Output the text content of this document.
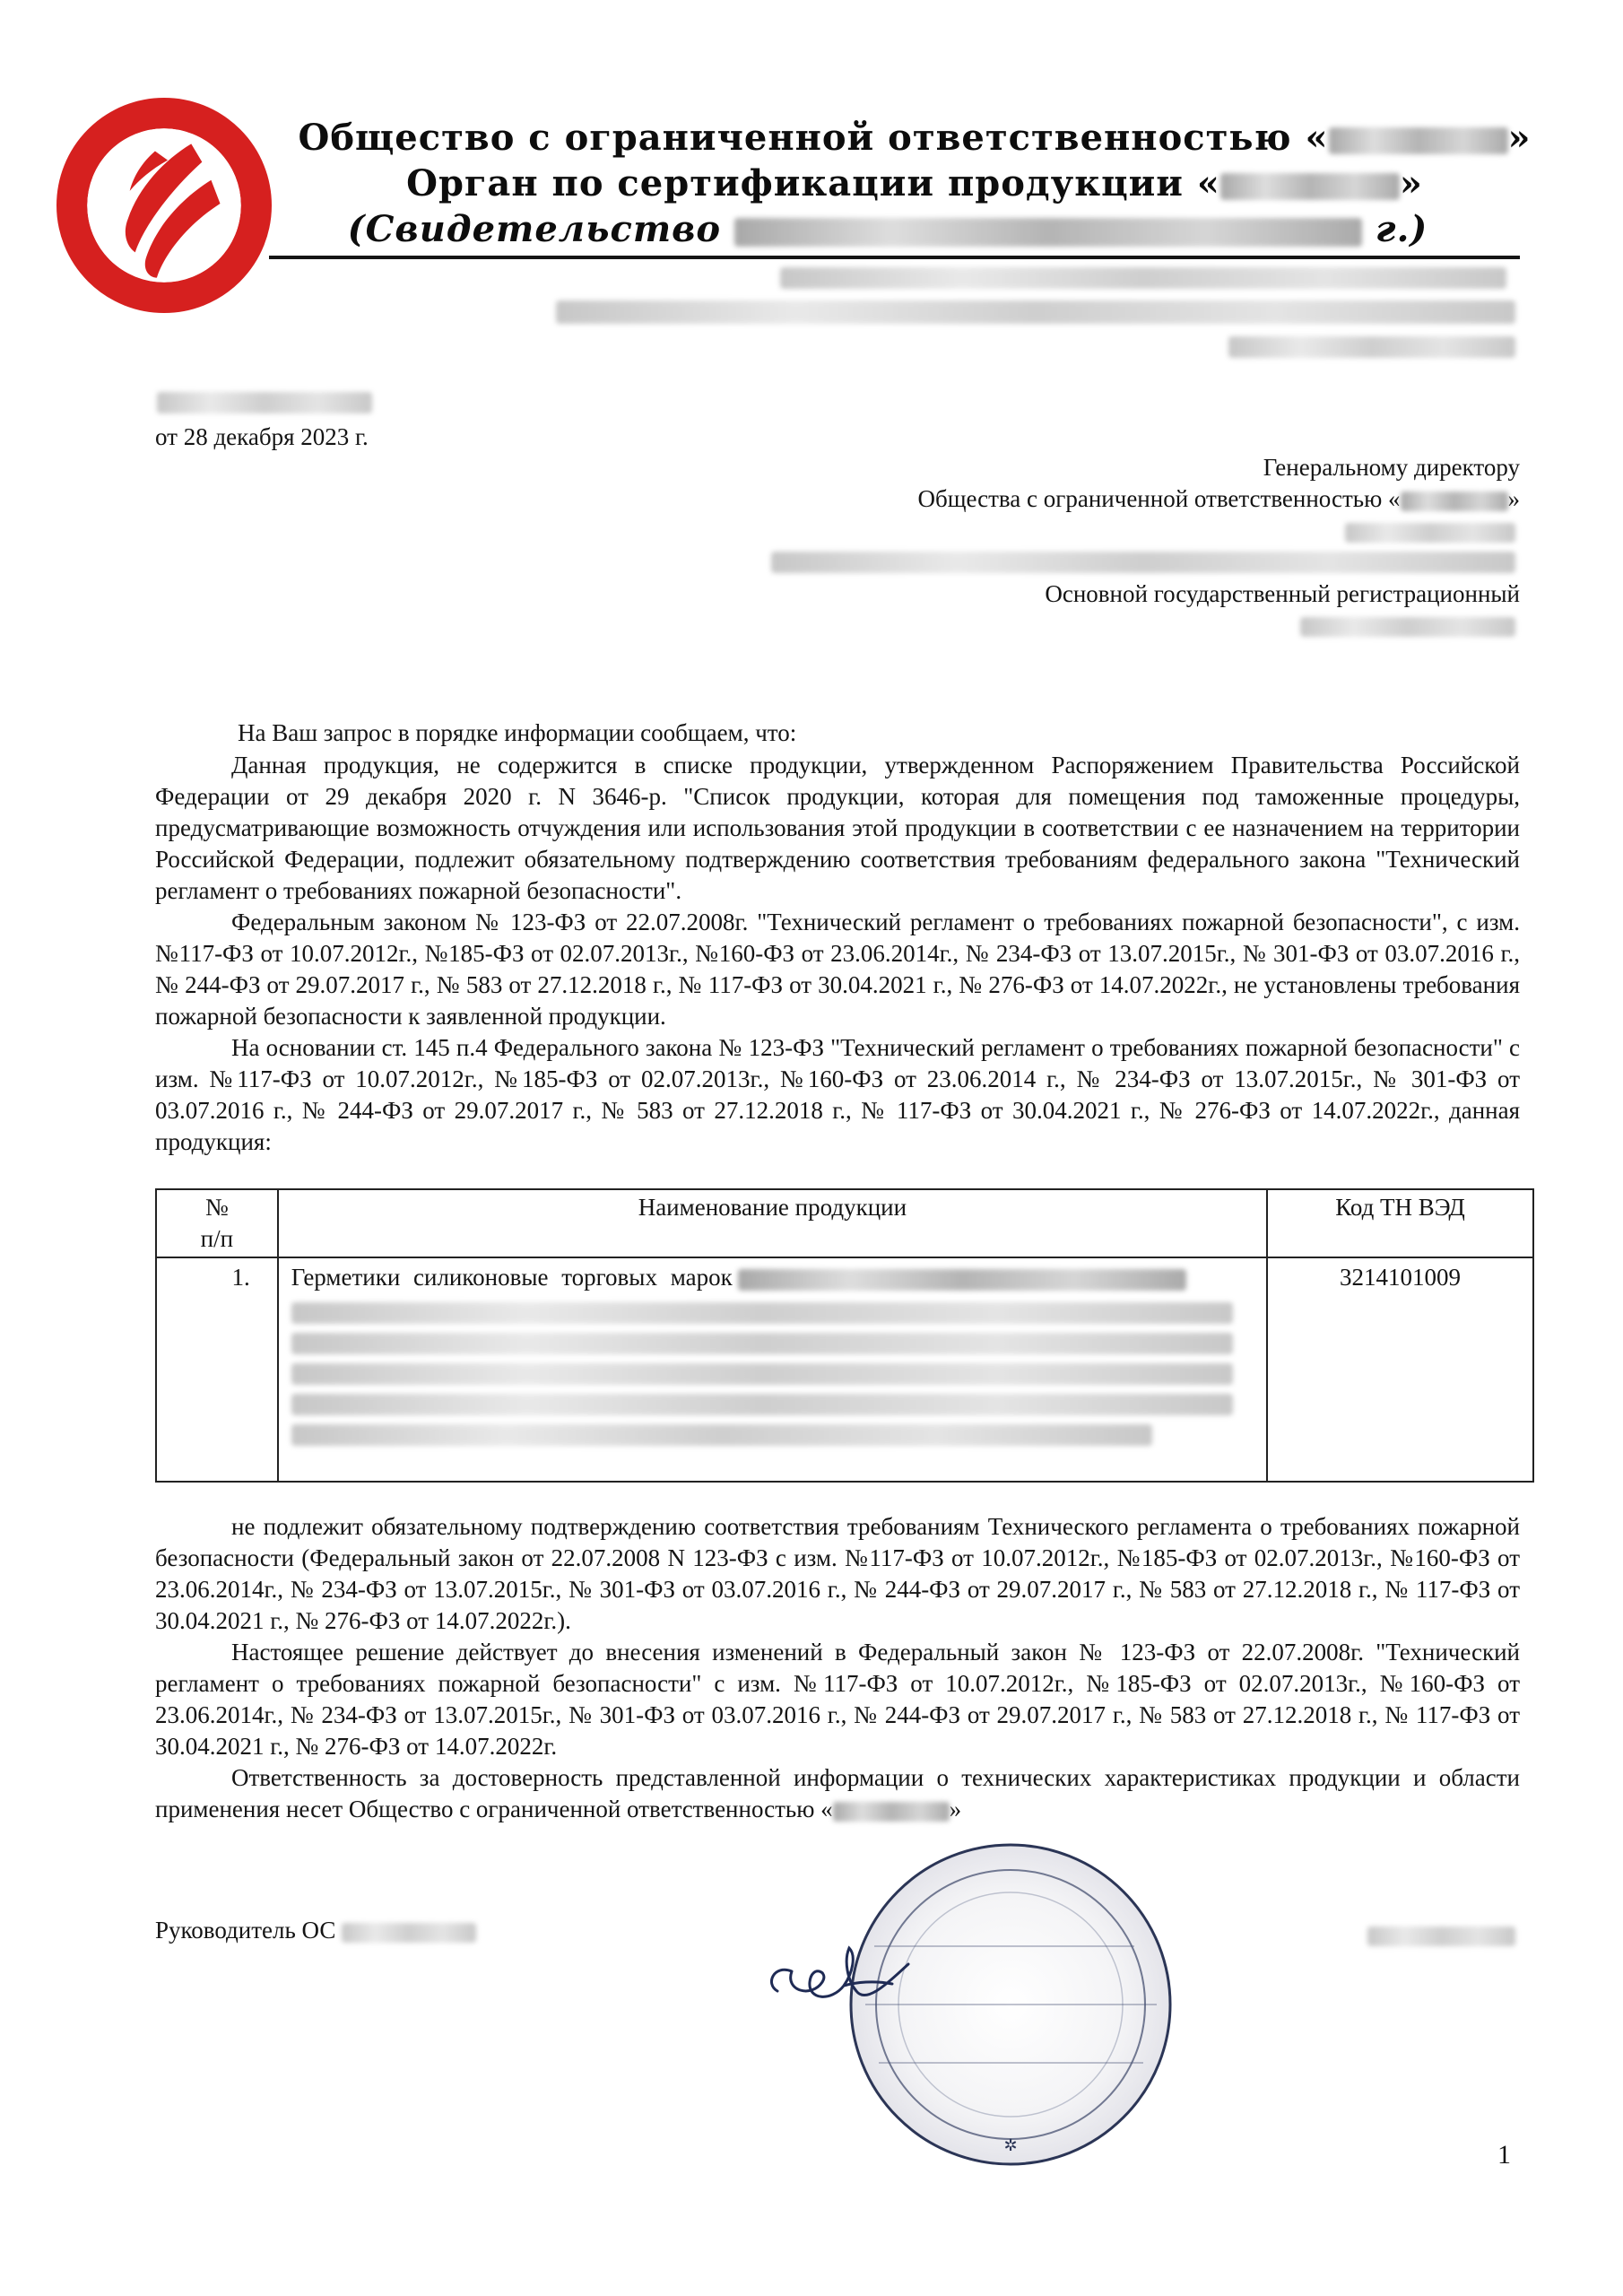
Общество с ограниченной ответственностью «	»
Орган по сертификации продукции «	»
(Свидетельство	г.)
от 28 декабря 2023 г.
Генеральному директору
Общества с ограниченной ответственностью «	»
Основной государственный регистрационный
На Ваш запрос в порядке информации сообщаем, что:
Данная продукция, не содержится в списке продукции, утвержденном Распоряжением Правительства Российской Федерации от 29 декабря 2020 г. N 3646-р. "Список продукции, которая для помещения под таможенные процедуры, предусматривающие возможность отчуждения или использования этой продукции в соответствии с ее назначением на территории Российской Федерации, подлежит обязательному подтверждению соответствия требованиям федерального закона "Технический регламент о требованиях пожарной безопасности".
Федеральным законом № 123-ФЗ от 22.07.2008г. "Технический регламент о требованиях пожарной безопасности", с изм. №117-ФЗ от 10.07.2012г., №185-ФЗ от 02.07.2013г., №160-ФЗ от 23.06.2014г., № 234-ФЗ от 13.07.2015г., № 301-ФЗ от 03.07.2016 г., № 244-ФЗ от 29.07.2017 г., № 583 от 27.12.2018 г., № 117-ФЗ от 30.04.2021 г., № 276-ФЗ от 14.07.2022г., не установлены требования пожарной безопасности к заявленной продукции.
На основании ст. 145 п.4 Федерального закона № 123-ФЗ "Технический регламент о требованиях пожарной безопасности" с изм. №117-ФЗ от 10.07.2012г., №185-ФЗ от 02.07.2013г., №160-ФЗ от 23.06.2014 г., № 234-ФЗ от 13.07.2015г., № 301-ФЗ от 03.07.2016 г., № 244-ФЗ от 29.07.2017 г., № 583 от 27.12.2018 г., № 117-ФЗ от 30.04.2021 г., № 276-ФЗ от 14.07.2022г., данная продукция:
№
п/п	Наименование продукции	Код ТН ВЭД
1.	Герметики силиконовые торговых марок	3214101009
не подлежит обязательному подтверждению соответствия требованиям Технического регламента о требованиях пожарной безопасности (Федеральный закон от 22.07.2008 N 123-ФЗ с изм. №117-ФЗ от 10.07.2012г., №185-ФЗ от 02.07.2013г., №160-ФЗ от 23.06.2014г., № 234-ФЗ от 13.07.2015г., № 301-ФЗ от 03.07.2016 г., № 244-ФЗ от 29.07.2017 г., № 583 от 27.12.2018 г., № 117-ФЗ от 30.04.2021 г., № 276-ФЗ от 14.07.2022г.).
Настоящее решение действует до внесения изменений в Федеральный закон № 123-ФЗ от 22.07.2008г. "Технический регламент о требованиях пожарной безопасности" с изм. №117-ФЗ от 10.07.2012г., №185-ФЗ от 02.07.2013г., №160-ФЗ от 23.06.2014г., № 234-ФЗ от 13.07.2015г., № 301-ФЗ от 03.07.2016 г., № 244-ФЗ от 29.07.2017 г., № 583 от 27.12.2018 г., № 117-ФЗ от 30.04.2021 г., № 276-ФЗ от 14.07.2022г.
Ответственность за достоверность представленной информации о технических характеристиках продукции и области применения несет Общество с ограниченной ответственностью «	»
Руководитель ОС
✲	1
